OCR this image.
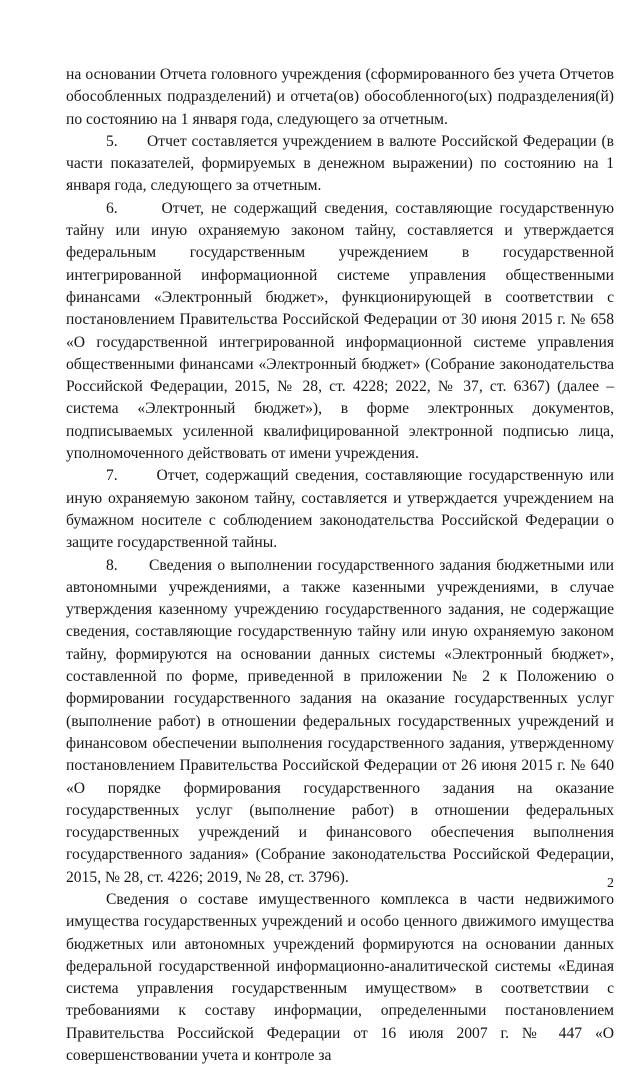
на основании Отчета головного учреждения (сформированного без учета Отчетов обособленных подразделений) и отчета(ов) обособленного(ых) подразделения(й) по состоянию на 1 января года, следующего за отчетным.

5.      Отчет составляется учреждением в валюте Российской Федерации (в части показателей, формируемых в денежном выражении) по состоянию на 1 января года, следующего за отчетным.

6.      Отчет, не содержащий сведения, составляющие государственную тайну или иную охраняемую законом тайну, составляется и утверждается федеральным государственным учреждением в государственной интегрированной информационной системе управления общественными финансами «Электронный бюджет», функционирующей в соответствии с постановлением Правительства Российской Федерации от 30 июня 2015 г. № 658 «О государственной интегрированной информационной системе управления общественными финансами «Электронный бюджет» (Собрание законодательства Российской Федерации, 2015, № 28, ст. 4228; 2022, № 37, ст. 6367) (далее – система «Электронный бюджет»), в форме электронных документов, подписываемых усиленной квалифицированной электронной подписью лица, уполномоченного действовать от имени учреждения.

7.      Отчет, содержащий сведения, составляющие государственную или иную охраняемую законом тайну, составляется и утверждается учреждением на бумажном носителе с соблюдением законодательства Российской Федерации о защите государственной тайны.

8.      Сведения о выполнении государственного задания бюджетными или автономными учреждениями, а также казенными учреждениями, в случае утверждения казенному учреждению государственного задания, не содержащие сведения, составляющие государственную тайну или иную охраняемую законом тайну, формируются на основании данных системы «Электронный бюджет», составленной по форме, приведенной в приложении № 2 к Положению о формировании государственного задания на оказание государственных услуг (выполнение работ) в отношении федеральных государственных учреждений и финансовом обеспечении выполнения государственного задания, утвержденному постановлением Правительства Российской Федерации от 26 июня 2015 г. № 640 «О порядке формирования государственного задания на оказание государственных услуг (выполнение работ) в отношении федеральных государственных учреждений и финансового обеспечения выполнения государственного задания» (Собрание законодательства Российской Федерации, 2015, № 28, ст. 4226; 2019, № 28, ст. 3796).

Сведения о составе имущественного комплекса в части недвижимого имущества государственных учреждений и особо ценного движимого имущества бюджетных или автономных учреждений формируются на основании данных федеральной государственной информационно-аналитической системы «Единая система управления государственным имуществом» в соответствии с требованиями к составу информации, определенными постановлением Правительства Российской Федерации от 16 июля 2007 г. № 447 «О совершенствовании учета и контроле за

2
